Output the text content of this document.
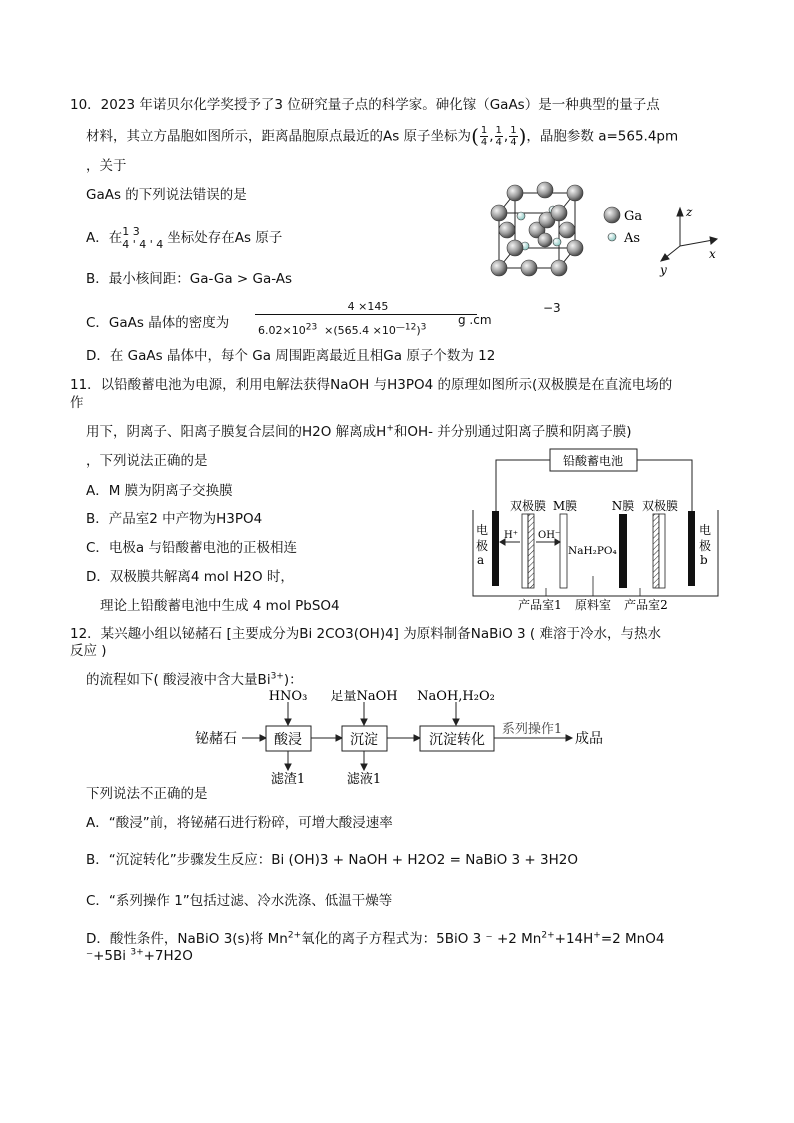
10．2023 年诺贝尔化学奖授予了3 位研究量子点的科学家。砷化镓（GaAs）是一种典型的量子点
材料，其立方晶胞如图所示，距离晶胞原点最近的As 原子坐标为( $\frac{1}{4}$ , $\frac{1}{4}$ , $\frac{1}{4}$ )，晶胞参数 a=565.4pm
，关于
GaAs 的下列说法错误的是
A．在 1 3
4 ' 4 ' 4 坐标处存在As 原子
B．最小核间距：Ga-Ga > Ga-As
C．GaAs 晶体的密度为
4 ×145
$6.02\times 10^{23} \times(565.4 \times 10^{—12})^3$
g .cm
−3
D．在 GaAs 晶体中，每个 Ga 周围距离最近且相Ga 原子个数为 12
Ga
As
z
x
y
11．以铅酸蓄电池为电源，利用电解法获得NaOH 与H3PO4 的原理如图所示(双极膜是在直流电场的
作
用下，阴离子、阳离子膜复合层间的H2O 解离成H+和OH- 并分别通过阳离子膜和阴离子膜)
，下列说法正确的是
A．M 膜为阴离子交换膜
B．产品室2 中产物为H3PO4
C．电极a 与铅酸蓄电池的正极相连
D．双极膜共解离4 mol H2O 时，
理论上铅酸蓄电池中生成 4 mol PbSO4
铅酸蓄电池
电
极
a
电
极
b
双极膜 M膜	N膜 双极膜
H⁺ OH⁻
NaH₂PO₄
产品室1 原料室 产品室2
12．某兴趣小组以铋赭石 [主要成分为Bi 2CO3(OH)4] 为原料制备NaBiO 3 ( 难溶于冷水，与热水
反应 )
的流程如下( 酸浸液中含大量$Bi^{3+}$)：
铋赭石
HNO₃
酸浸
滤渣1
足量NaOH
沉淀
滤液1
NaOH,H₂O₂
沉淀转化
系列操作1
成品
下列说法不正确的是
A．“酸浸”前，将铋赭石进行粉碎，可增大酸浸速率
B．“沉淀转化”步骤发生反应：Bi (OH)3 + NaOH + H2O2 = NaBiO 3 + 3H2O
C．“系列操作 1”包括过滤、冷水洗涤、低温干燥等
D．酸性条件，NaBiO 3(s)将 $Mn^{2+}$氧化的离子方程式为：5BiO 3 ⁻ +2 $Mn^{2+}+14H^+=2$ MnO4
⁻+5Bi $^{3+}$+7H2O
